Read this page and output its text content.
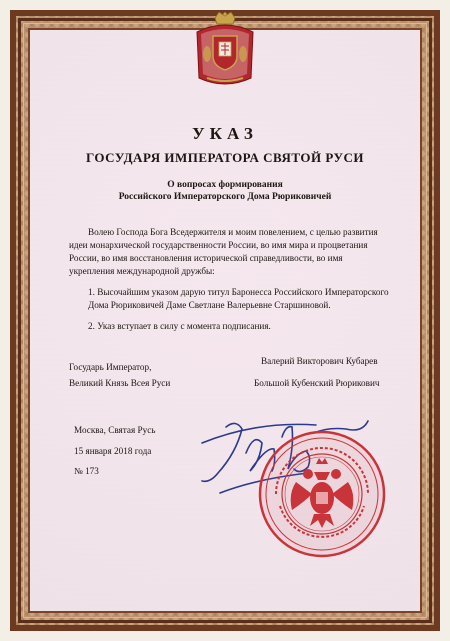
УКАЗ
ГОСУДАРЯ ИМПЕРАТОРА СВЯТОЙ РУСИ
О вопросах формирования
Российского Императорского Дома Рюриковичей
Волею Господа Бога Вседержителя и моим повелением, с целью развития
идеи монархической государственности России, во имя мира и процветания
России, во имя восстановления исторической справедливости, во имя
укрепления международной дружбы:
1. Высочайшим указом дарую титул Баронесса Российского Императорского
Дома Рюриковичей Даме Светлане Валерьевне Старшиновой.
2. Указ вступает в силу с момента подписания.
Государь Император,
Великий Князь Всея Руси
Валерий Викторович Кубарев
Большой Кубенский Рюрикович
Москва, Святая Русь
15 января 2018 года
№ 173
